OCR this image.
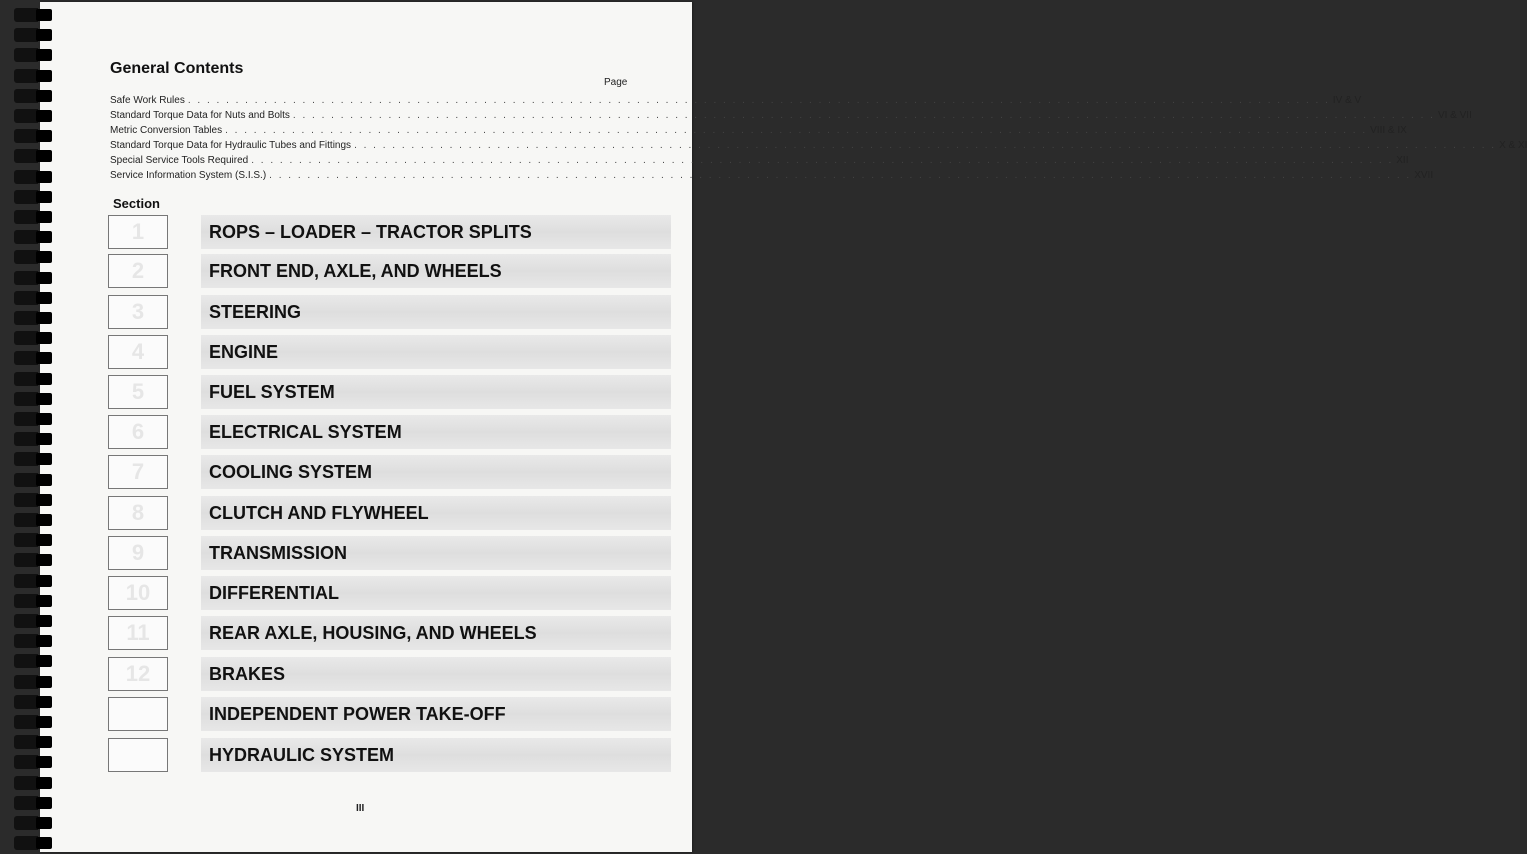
General Contents
Page
Safe Work Rules . . . . . . . . . . . . . . . . . . . . . . . . . . . . . . . . . . . . . . . . . . . . . . . . . . . . . . . . . . . . . . . . . . . . . . . . . . . . . . . . . . . . . . . . . . . . . . . . . . . . . . . . . . . . . . . . . . . . . . . . IV & V
Standard Torque Data for Nuts and Bolts . . . . . . . . . . . . . . . . . . . . . . . . . . . . . . . . . . . . . . . . . . . . . . . . . . . . . . . . . . . . . . . . . . . . . . . . . . . . . . . . . . . . . . . . . . . . . . . . . . . . . . . . . . . . . . . . . . . . . . . . VI & VII
Metric Conversion Tables . . . . . . . . . . . . . . . . . . . . . . . . . . . . . . . . . . . . . . . . . . . . . . . . . . . . . . . . . . . . . . . . . . . . . . . . . . . . . . . . . . . . . . . . . . . . . . . . . . . . . . . . . . . . . . . . . . . . . . . . VIII & IX
Standard Torque Data for Hydraulic Tubes and Fittings . . . . . . . . . . . . . . . . . . . . . . . . . . . . . . . . . . . . . . . . . . . . . . . . . . . . . . . . . . . . . . . . . . . . . . . . . . . . . . . . . . . . . . . . . . . . . . . . . . . . . . . . . . . . . . . . . . . . . . . . X & XI
Special Service Tools Required . . . . . . . . . . . . . . . . . . . . . . . . . . . . . . . . . . . . . . . . . . . . . . . . . . . . . . . . . . . . . . . . . . . . . . . . . . . . . . . . . . . . . . . . . . . . . . . . . . . . . . . . . . . . . . . . . . . . . . . . XII
Service Information System (S.I.S.) . . . . . . . . . . . . . . . . . . . . . . . . . . . . . . . . . . . . . . . . . . . . . . . . . . . . . . . . . . . . . . . . . . . . . . . . . . . . . . . . . . . . . . . . . . . . . . . . . . . . . . . . . . . . . . . . . . . . . . . . XVII
Section
1	ROPS – LOADER – TRACTOR SPLITS
2	FRONT END, AXLE, AND WHEELS
3	STEERING
4	ENGINE
5	FUEL SYSTEM
6	ELECTRICAL SYSTEM
7	COOLING SYSTEM
8	CLUTCH AND FLYWHEEL
9	TRANSMISSION
10	DIFFERENTIAL
11	REAR AXLE, HOUSING, AND WHEELS
12	BRAKES
INDEPENDENT POWER TAKE-OFF
HYDRAULIC SYSTEM
III
